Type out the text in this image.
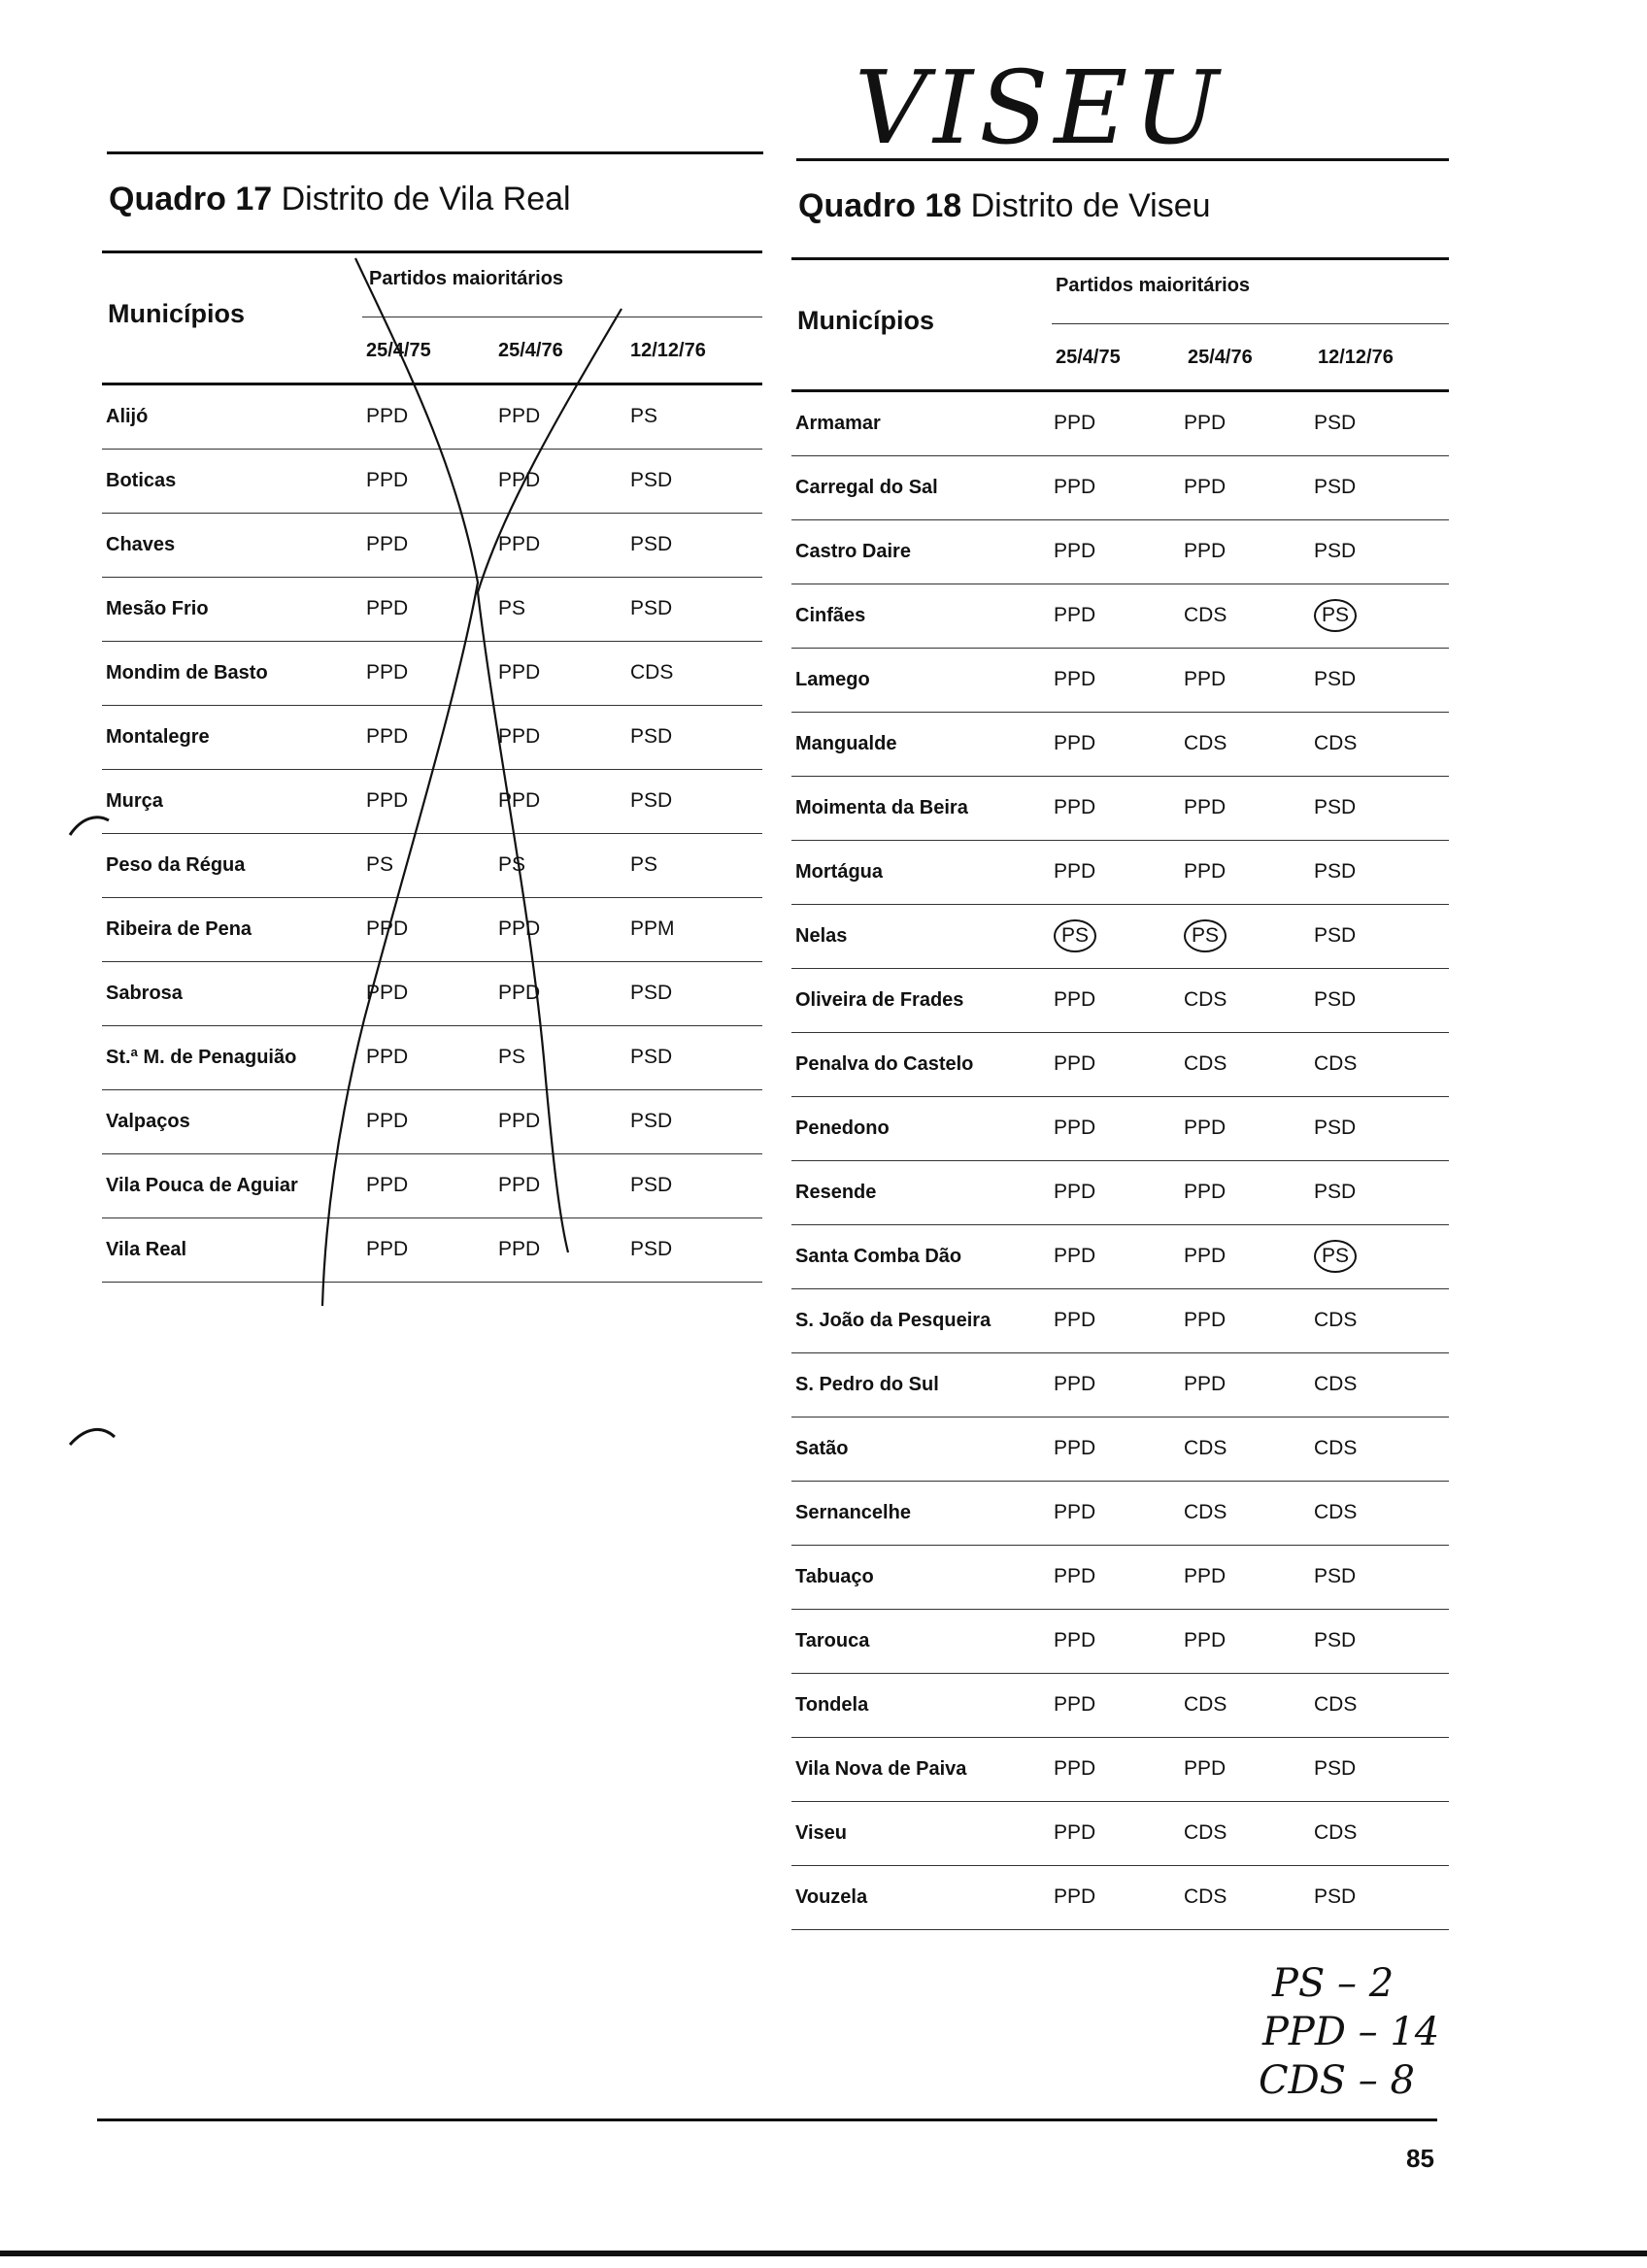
VISEU
Quadro 17 Distrito de Vila Real	Quadro 18 Distrito de Viseu
Municípios
Partidos maioritários
25/4/75	25/4/76	12/12/76
Alijó	PPD	PPD	PS
Boticas	PPD	PPD	PSD
Chaves	PPD	PPD	PSD
Mesão Frio	PPD	PS	PSD
Mondim de Basto	PPD	PPD	CDS
Montalegre	PPD	PPD	PSD
Murça	PPD	PPD	PSD
Peso da Régua	PS	PS	PS
Ribeira de Pena	PPD	PPD	PPM
Sabrosa	PPD	PPD	PSD
St.ª M. de Penaguião	PPD	PS	PSD
Valpaços	PPD	PPD	PSD
Vila Pouca de Aguiar	PPD	PPD	PSD
Vila Real	PPD	PPD	PSD
Municípios
Partidos maioritários
25/4/75	25/4/76	12/12/76
Armamar	PPD	PPD	PSD
Carregal do Sal	PPD	PPD	PSD
Castro Daire	PPD	PPD	PSD
Cinfães	PPD	CDS	PS
Lamego	PPD	PPD	PSD
Mangualde	PPD	CDS	CDS
Moimenta da Beira	PPD	PPD	PSD
Mortágua	PPD	PPD	PSD
Nelas	PS	PS	PSD
Oliveira de Frades	PPD	CDS	PSD
Penalva do Castelo	PPD	CDS	CDS
Penedono	PPD	PPD	PSD
Resende	PPD	PPD	PSD
Santa Comba Dão	PPD	PPD	PS
S. João da Pesqueira	PPD	PPD	CDS
S. Pedro do Sul	PPD	PPD	CDS
Satão	PPD	CDS	CDS
Sernancelhe	PPD	CDS	CDS
Tabuaço	PPD	PPD	PSD
Tarouca	PPD	PPD	PSD
Tondela	PPD	CDS	CDS
Vila Nova de Paiva	PPD	PPD	PSD
Viseu	PPD	CDS	CDS
Vouzela	PPD	CDS	PSD
PS – 2
PPD – 14
CDS – 8
85
